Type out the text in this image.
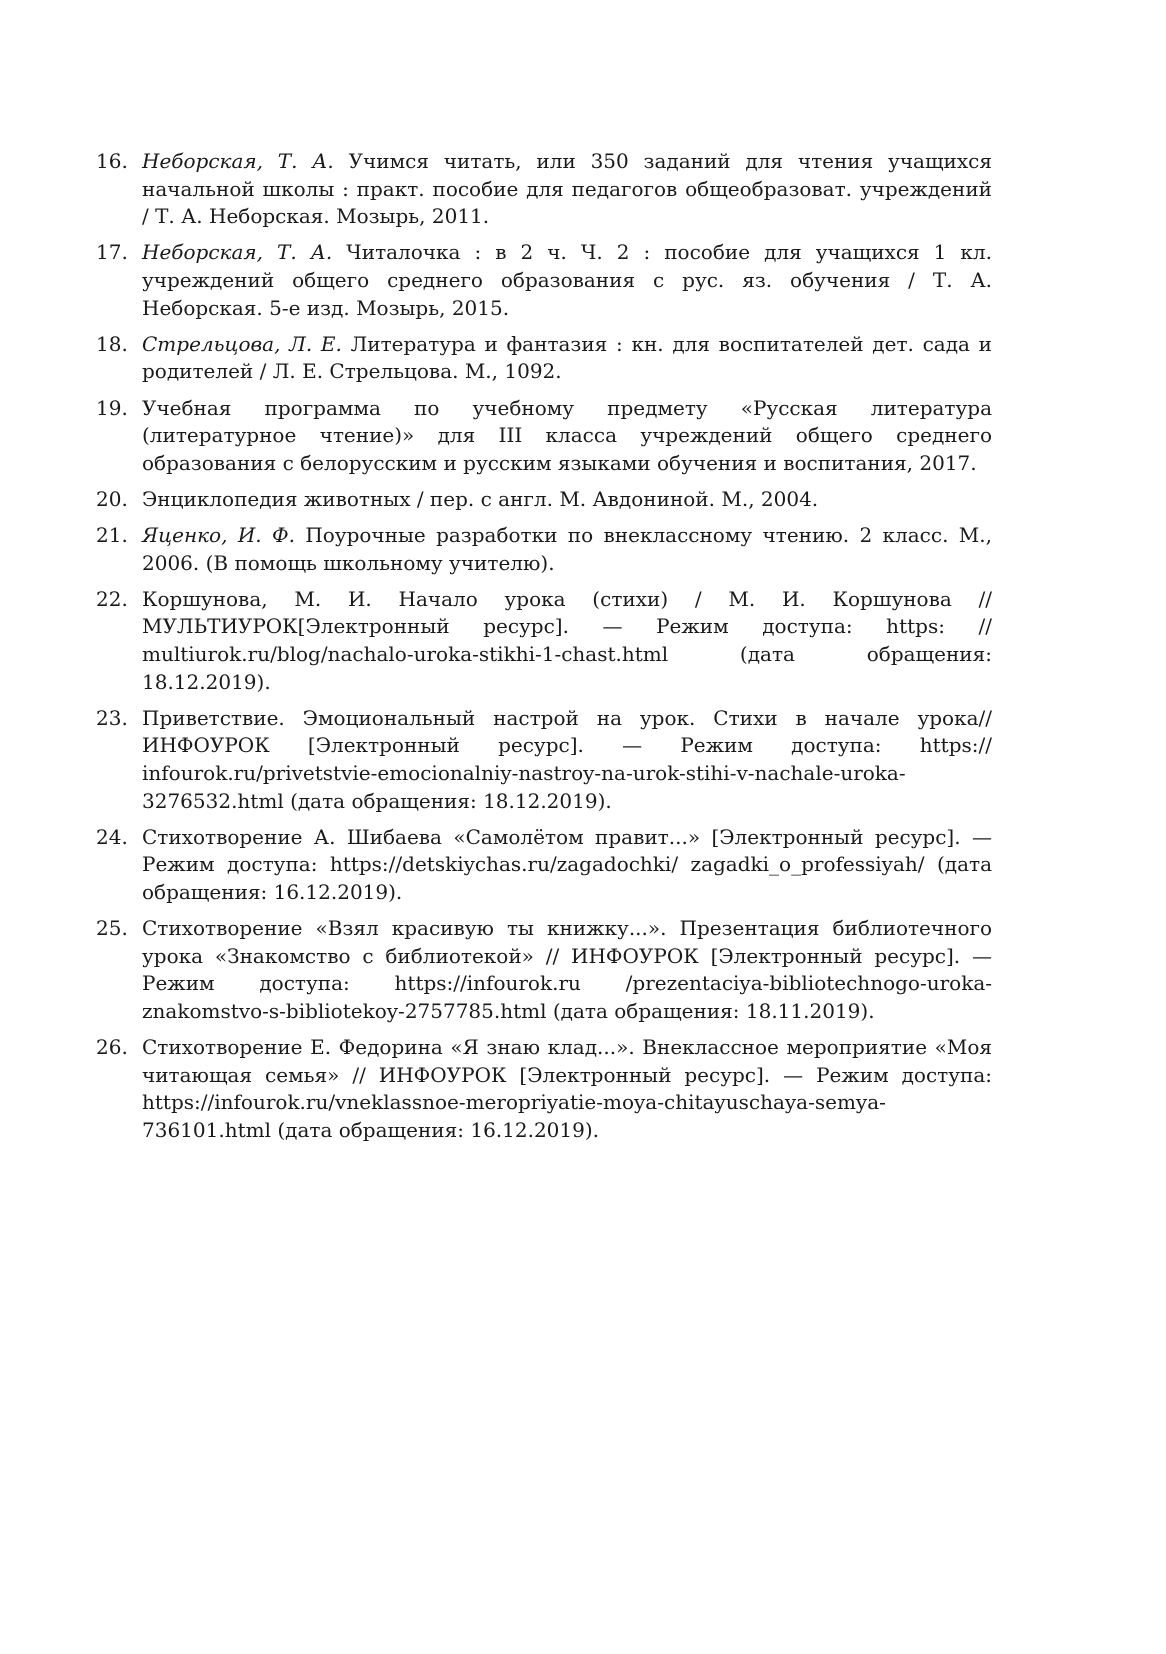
16. Неборская, Т. А. Учимся читать, или 350 заданий для чтения учащихся начальной школы : практ. пособие для педагогов общеобразоват. учреждений / Т. А. Неборская. Мозырь, 2011.
17. Неборская, Т. А. Читалочка : в 2 ч. Ч. 2 : пособие для учащихся 1 кл. учреждений общего среднего образования с рус. яз. обучения / Т. А. Неборская. 5-е изд. Мозырь, 2015.
18. Стрельцова, Л. Е. Литература и фантазия : кн. для воспитателей дет. сада и родителей / Л. Е. Стрельцова. М., 1092.
19. Учебная программа по учебному предмету «Русская литература (литературное чтение)» для III класса учреждений общего среднего образования с белорусским и русским языками обучения и воспитания, 2017.
20. Энциклопедия животных / пер. с англ. М. Авдониной. М., 2004.
21. Яценко, И. Ф. Поурочные разработки по внеклассному чтению. 2 класс. М., 2006. (В помощь школьному учителю).
22. Коршунова, М. И. Начало урока (стихи) / М. И. Коршунова // МУЛЬТИУРОК[Электронный ресурс]. — Режим доступа: https: // multiurok.ru/blog/nachalo-uroka-stikhi-1-chast.html (дата обращения: 18.12.2019).
23. Приветствие. Эмоциональный настрой на урок. Стихи в начале урока// ИНФОУРОК [Электронный ресурс]. — Режим доступа: https:// infourok.ru/privetstvie-emocionalniy-nastroy-na-urok-stihi-v-nachale-uroka-3276532.html (дата обращения: 18.12.2019).
24. Стихотворение А. Шибаева «Самолётом правит...» [Электронный ресурс]. — Режим доступа: https://detskiychas.ru/zagadochki/ zagadki_o_professiyah/ (дата обращения: 16.12.2019).
25. Стихотворение «Взял красивую ты книжку...». Презентация библиотечного урока «Знакомство с библиотекой» // ИНФОУРОК [Электронный ресурс]. — Режим доступа: https://infourok.ru /prezentaciya-bibliotechnogo-uroka-znakomstvo-s-bibliotekoy-2757785.html (дата обращения: 18.11.2019).
26. Стихотворение Е. Федорина «Я знаю клад...». Внеклассное мероприятие «Моя читающая семья» // ИНФОУРОК [Электронный ресурс]. — Режим доступа: https://infourok.ru/vneklassnoe-meropriyatie-moya-chitayuschaya-semya-736101.html (дата обращения: 16.12.2019).
